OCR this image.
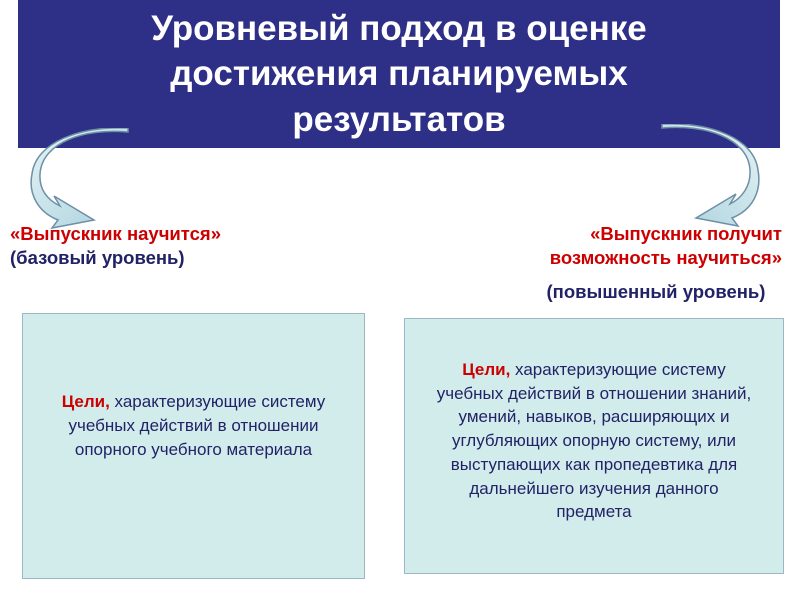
Уровневый подход в оценке
достижения планируемых
результатов

«Выпускник научится»
(базовый уровень)
«Выпускник получит
возможность научиться»
(повышенный уровень)

Цели, характеризующие систему учебных действий в отношении опорного учебного материала

Цели, характеризующие систему учебных действий в отношении знаний, умений, навыков, расширяющих и углубляющих опорную систему, или выступающих как пропедевтика для дальнейшего изучения данного предмета
